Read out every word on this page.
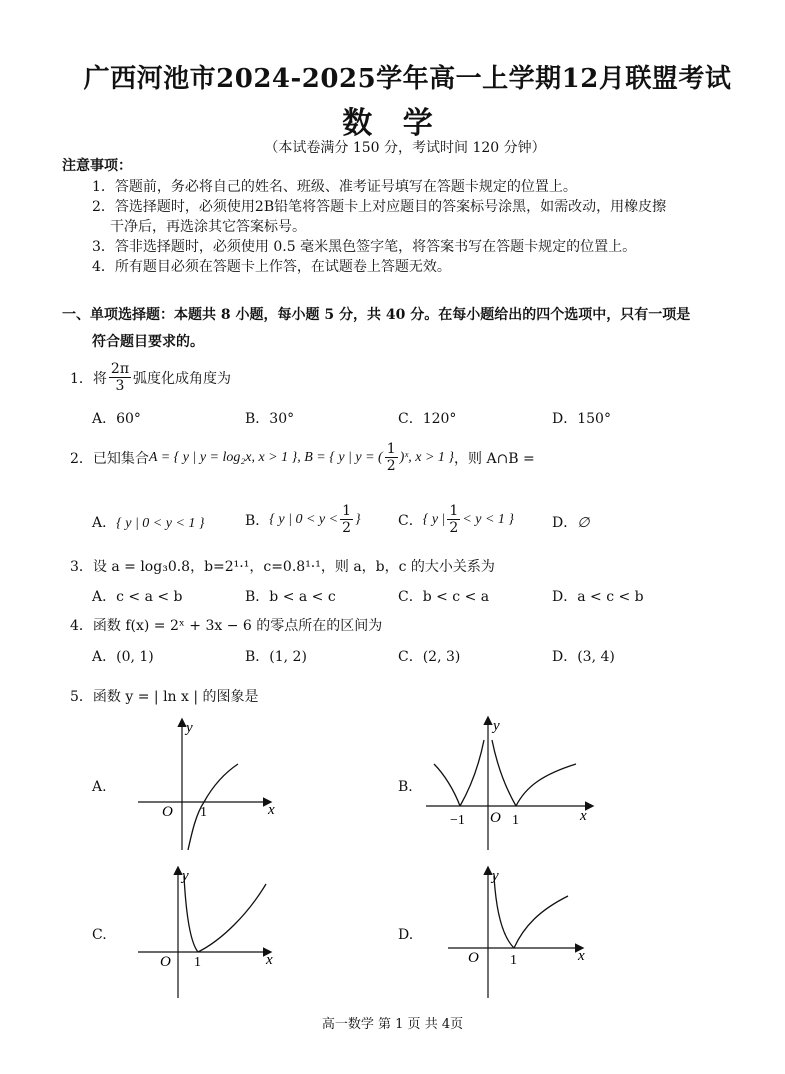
广西河池市2024-2025学年高一上学期12月联盟考试
数 学
（本试卷满分 150 分，考试时间 120 分钟）
注意事项：
1．答题前，务必将自己的姓名、班级、准考证号填写在答题卡规定的位置上。
2．答选择题时，必须使用2B铅笔将答题卡上对应题目的答案标号涂黑，如需改动，用橡皮擦
干净后，再选涂其它答案标号。
3．答非选择题时，必须使用 0.5 毫米黑色签字笔，将答案书写在答题卡规定的位置上。
4．所有题目必须在答题卡上作答，在试题卷上答题无效。
一、单项选择题：本题共 8 小题，每小题 5 分，共 40 分。在每小题给出的四个选项中，只有一项是
符合题目要求的。
1．将 $\frac{2\pi}{3}$ 弧度化成角度为
A．60°	B．30°	C．120°	D．150°
2．已知集合 A = { y | y = log₂x, x > 1 } , B = { y | y = ( $\frac{1}{2}$ )ˣ, x > 1 } ，则 A∩B =
A．{ y | 0 < y < 1 }	B． { y | $0 < y < \frac{1}{2}$ }	C． { y | $\frac{1}{2} < y < 1$ }	D．∅
3．设 a = log₃0.8，b=2¹·¹，c=0.8¹·¹，则 a，b，c 的大小关系为
A．c < a < b	B．b < a < c	C．b < c < a	D．a < c < b
4．函数 f(x) = 2ˣ + 3x − 6 的零点所在的区间为
A．(0, 1)	B．(1, 2)	C．(2, 3)	D．(3, 4)
5．函数 y = | ln x | 的图象是
A.	B.
C.	D.
y
x
O 1
y
x
O
−1	1
y
x
O 1
y
x
O 1
高一数学 第 1 页 共 4页
